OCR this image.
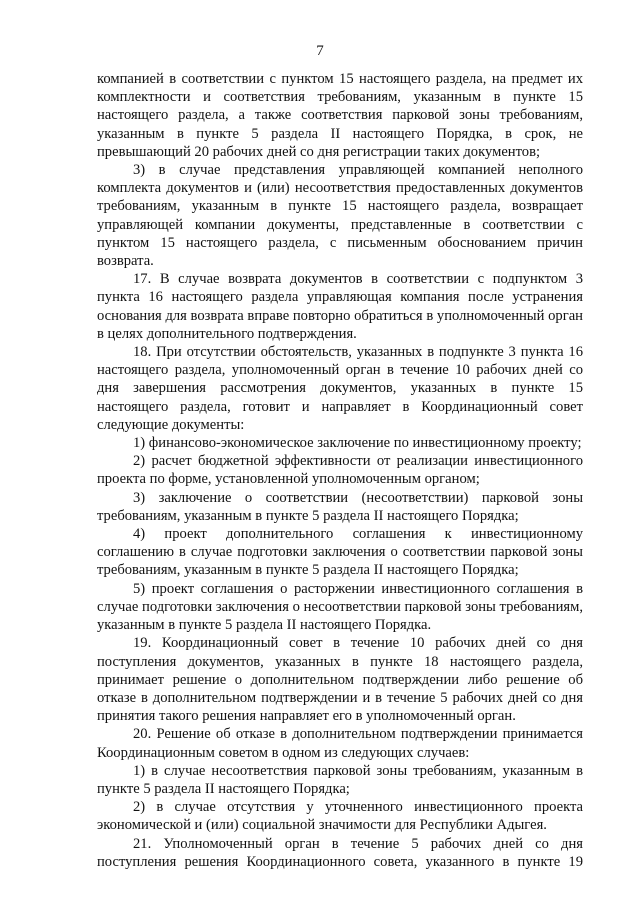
7

компанией в соответствии с пунктом 15 настоящего раздела, на предмет их комплектности и соответствия требованиям, указанным в пункте 15 настоящего раздела, а также соответствия парковой зоны требованиям, указанным в пункте 5 раздела II настоящего Порядка, в срок, не превышающий 20 рабочих дней со дня регистрации таких документов;

3) в случае представления управляющей компанией неполного комплекта документов и (или) несоответствия предоставленных документов требованиям, указанным в пункте 15 настоящего раздела, возвращает управляющей компании документы, представленные в соответствии с пунктом 15 настоящего раздела, с письменным обоснованием причин возврата.

17. В случае возврата документов в соответствии с подпунктом 3 пункта 16 настоящего раздела управляющая компания после устранения основания для возврата вправе повторно обратиться в уполномоченный орган в целях дополнительного подтверждения.

18. При отсутствии обстоятельств, указанных в подпункте 3 пункта 16 настоящего раздела, уполномоченный орган в течение 10 рабочих дней со дня завершения рассмотрения документов, указанных в пункте 15 настоящего раздела, готовит и направляет в Координационный совет следующие документы:

1) финансово-экономическое заключение по инвестиционному проекту;

2) расчет бюджетной эффективности от реализации инвестиционного проекта по форме, установленной уполномоченным органом;

3) заключение о соответствии (несоответствии) парковой зоны требованиям, указанным в пункте 5 раздела II настоящего Порядка;

4) проект дополнительного соглашения к инвестиционному соглашению в случае подготовки заключения о соответствии парковой зоны требованиям, указанным в пункте 5 раздела II настоящего Порядка;

5) проект соглашения о расторжении инвестиционного соглашения в случае подготовки заключения о несоответствии парковой зоны требованиям, указанным в пункте 5 раздела II настоящего Порядка.

19. Координационный совет в течение 10 рабочих дней со дня поступления документов, указанных в пункте 18 настоящего раздела, принимает решение о дополнительном подтверждении либо решение об отказе в дополнительном подтверждении и в течение 5 рабочих дней со дня принятия такого решения направляет его в уполномоченный орган.

20. Решение об отказе в дополнительном подтверждении принимается Координационным советом в одном из следующих случаев:

1) в случае несоответствия парковой зоны требованиям, указанным в пункте 5 раздела II настоящего Порядка;

2) в случае отсутствия у уточненного инвестиционного проекта экономической и (или) социальной значимости для Республики Адыгея.

21. Уполномоченный орган в течение 5 рабочих дней со дня поступления решения Координационного совета, указанного в пункте 19
